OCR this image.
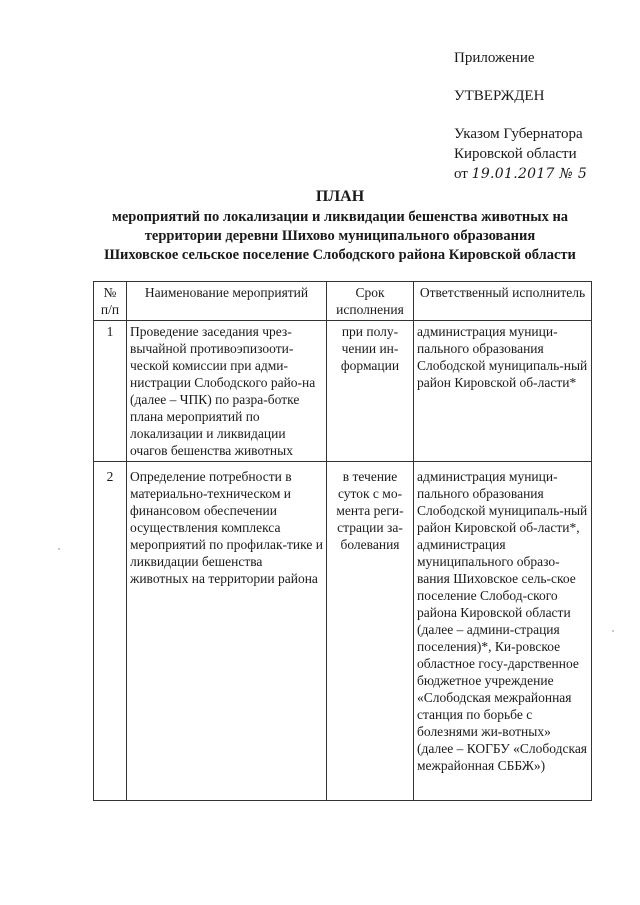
Приложение
УТВЕРЖДЕН
Указом Губернатора
Кировской области
от 19.01.2017 № 5
ПЛАН
мероприятий по локализации и ликвидации бешенства животных на
территории деревни Шихово муниципального образования
Шиховское сельское поселение Слободского района Кировской области
№ п/п	Наименование мероприятий	Срок исполнения	Ответственный исполнитель
1	Проведение заседания чрез-вычайной противоэпизооти-ческой комиссии при адми-нистрации Слободского райо-на (далее – ЧПК) по разра-ботке плана мероприятий по локализации и ликвидации очагов бешенства животных	при полу-чении ин-формации	администрация муници-пального образования Слободской муниципаль-ный район Кировской об-ласти*
2	Определение потребности в материально-техническом и финансовом обеспечении осуществления комплекса мероприятий по профилак-тике и ликвидации бешенства животных на территории района	в течение суток с мо-мента реги-страции за-болевания	администрация муници-пального образования Слободской муниципаль-ный район Кировской об-ласти*, администрация муниципального образо-вания Шиховское сель-ское поселение Слобод-ского района Кировской области (далее – админи-страция поселения)*, Ки-ровское областное госу-дарственное бюджетное учреждение «Слободская межрайонная станция по борьбе с болезнями жи-вотных» (далее – КОГБУ «Слободская межрайонная СББЖ»)
